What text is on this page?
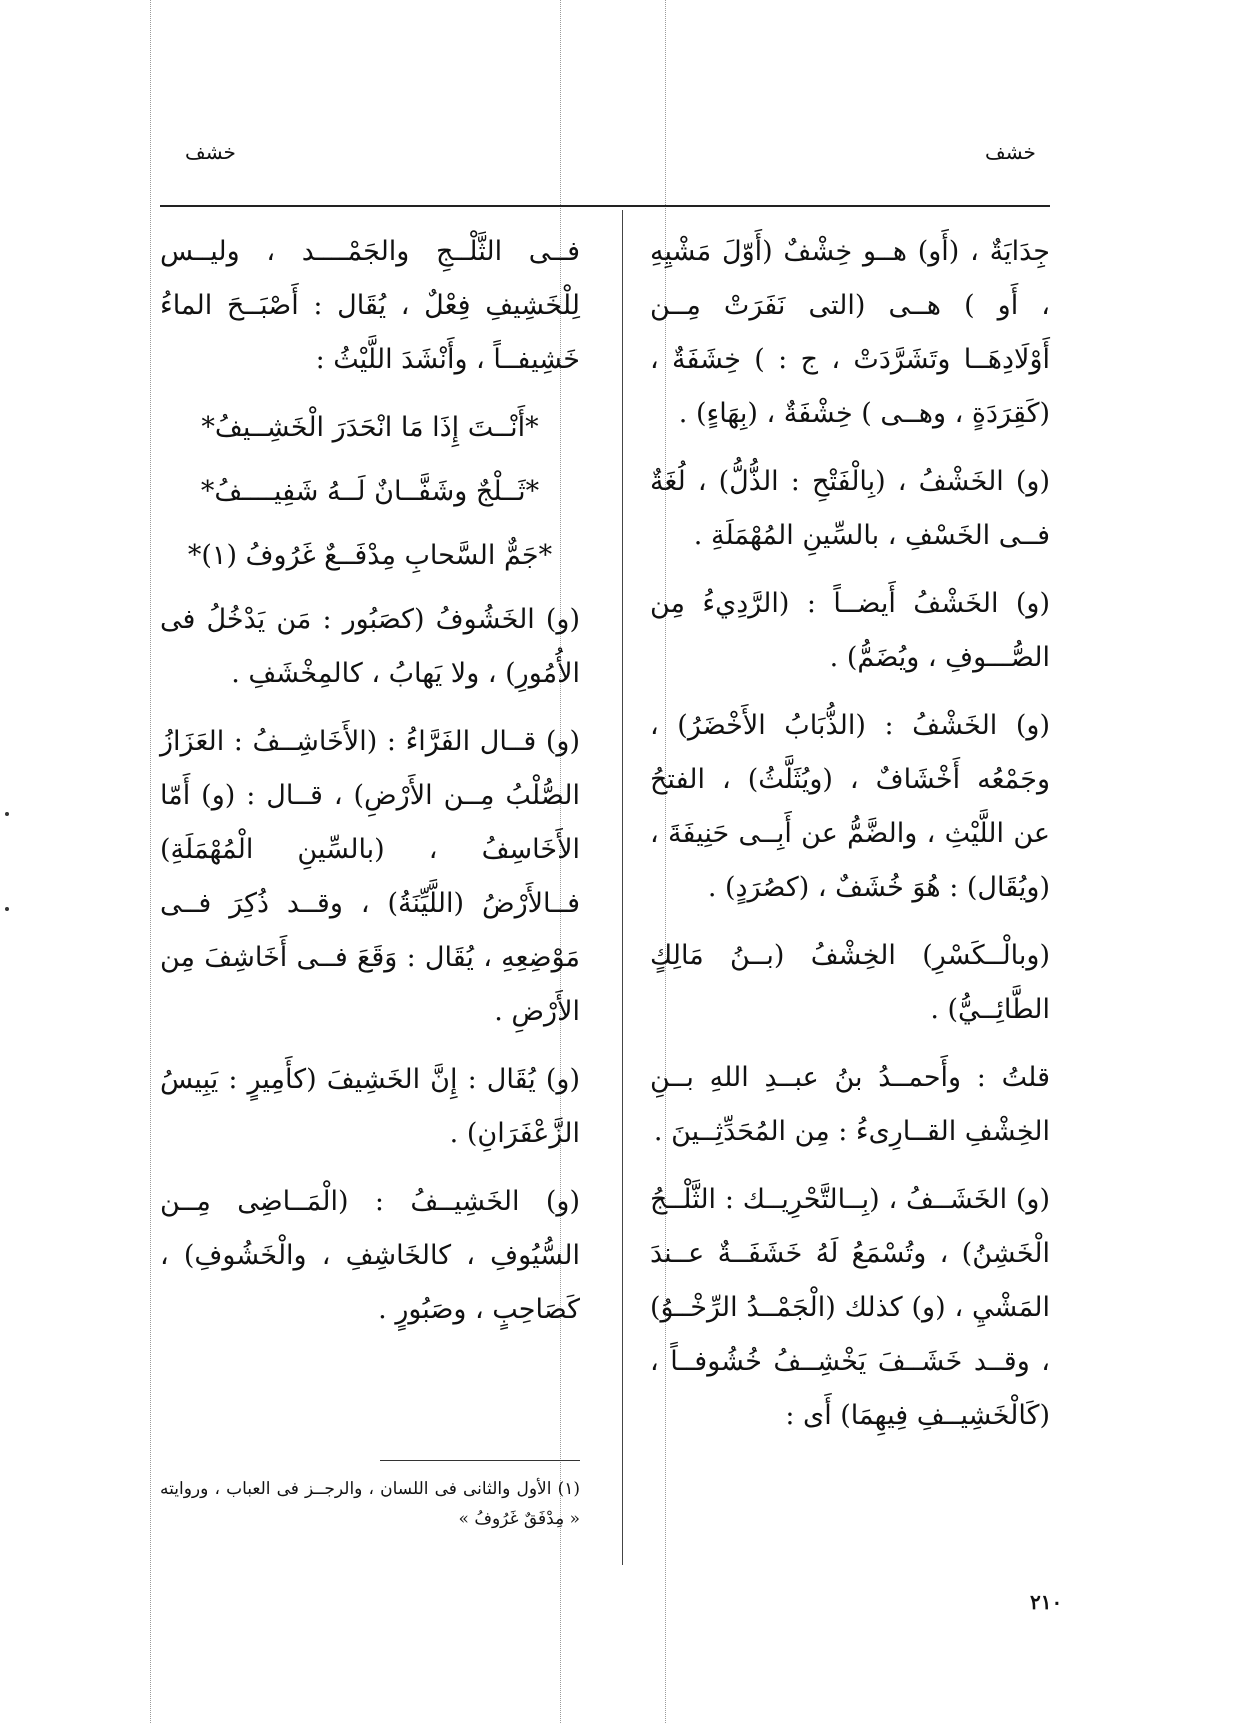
خشف	خشف

جِدَايَةٌ ، (أَو) هــو خِشْفٌ (أَوّلَ مَشْيِهِ ، أَو ) هــى (التى نَفَرَتْ مِــن أَوْلَادِهَــا وتَشَرَّدَتْ ، ج : ) خِشَفَةٌ ، (كَقِرَدَةٍ ، وهــى ) خِشْفَةٌ ، (بِهَاءٍ) .

(و) الخَشْفُ ، (بِالْفَتْحِ : الذُّلُّ) ، لُغَةٌ فــى الخَسْفِ ، بالسِّينِ المُهْمَلَةِ .

(و) الخَشْفُ أَيضــاً : (الرَّدِيءُ مِن الصُّـــوفِ ، ويُضَمُّ) .

(و) الخَشْفُ : (الذُّبَابُ الأَخْضَرُ) ، وجَمْعُه أَخْشَافٌ ، (ويُثَلَّثُ) ، الفتحُ عن اللَّيْثِ ، والضَّمُّ عن أَبِــى حَنِيفَةَ ، (ويُقَال) : هُوَ خُشَفٌ ، (كصُرَدٍ) .

(وبالْــكَسْرِ) الخِشْفُ (بــنُ مَالِكٍ الطَّائِــيُّ) .

قلتُ : وأَحمــدُ بنُ عبــدِ اللهِ بــنِ الخِشْفِ القــارِىءُ : مِن المُحَدِّثِــينَ .

(و) الخَشَــفُ ، (بِــالتَّحْرِيــك : الثَّلْــجُ الْخَشِنُ) ، وتُسْمَعُ لَهُ خَشَفَــةٌ عــندَ المَشْيِ ، (و) كذلك (الْجَمْــدُ الرِّخْــوُ) ، وقــد خَشَــفَ يَخْشِــفُ خُشُوفــاً ، (كَالْخَشِيــفِ فِيهِمَا) أَى :

فــى الثَّلْــجِ والجَمْــــد ، وليــس لِلْخَشِيفِ فِعْلٌ ، يُقَال : أَصْبَــحَ الماءُ خَشِيفــاً ، وأَنْشَدَ اللَّيْثُ :

*أَنْــتَ إِذَا مَا انْحَدَرَ الْخَشِــيفُ*

*ثَــلْجٌ وشَفَّــانٌ لَــهُ شَفِيــــفُ*

*جَمٌّ السَّحابِ مِدْفَــعٌ غَرُوفُ (١)*

(و) الخَشُوفُ (كصَبُور : مَن يَدْخُلُ فى الأُمُورِ) ، ولا يَهابُ ، كالمِخْشَفِ .

(و) قــال الفَرَّاءُ : (الأَخَاشِــفُ : العَزَازُ الصُّلْبُ مِــن الأَرْضِ) ، قــال : (و) أَمّا الأَخَاسِفُ ، (بالسِّينِ الْمُهْمَلَةِ) فــالأَرْضُ (اللَّيِّنَةُ) ، وقــد ذُكِرَ فــى مَوْضِعِهِ ، يُقَال : وَقَعَ فــى أَخَاشِفَ مِن الأَرْضِ .

(و) يُقَال : إِنَّ الخَشِيفَ (كأَمِيرٍ : يَبِيسُ الزَّعْفَرَانِ) .

(و) الخَشِيــفُ : (الْمَــاضِى مِــن السُّيُوفِ ، كالخَاشِفِ ، والْخَشُوفِ) ، كَصَاحِبٍ ، وصَبُورٍ .

(١) الأول والثانى فى اللسان ، والرجــز فى العباب ، وروايته « مِدْفَقٌ غَرُوفُ »
٢١٠
